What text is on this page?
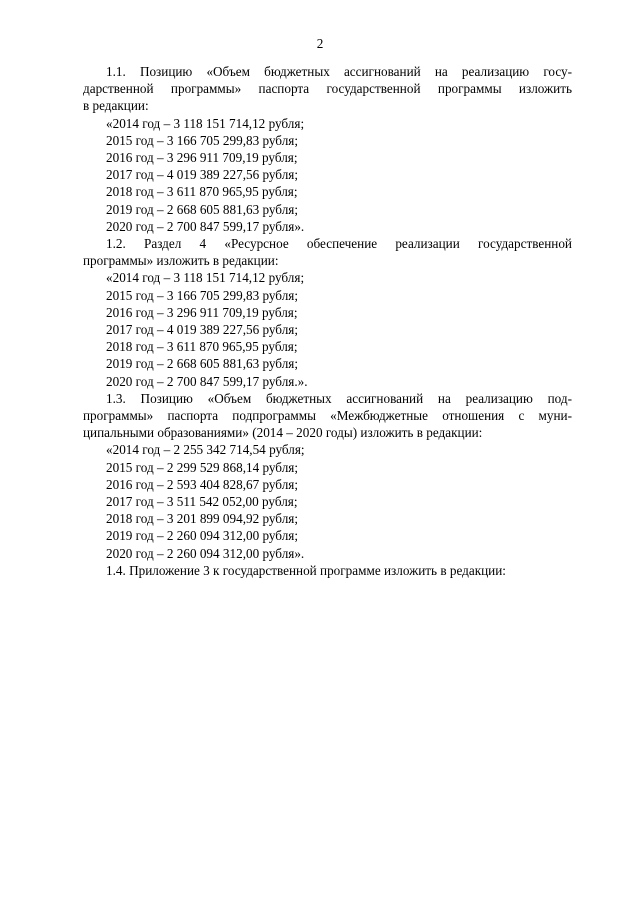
2
1.1. Позицию «Объем бюджетных ассигнований на реализацию госу-
дарственной программы» паспорта государственной программы изложить
в редакции:
«2014 год – 3 118 151 714,12 рубля;
2015 год – 3 166 705 299,83 рубля;
2016 год – 3 296 911 709,19 рубля;
2017 год – 4 019 389 227,56 рубля;
2018 год – 3 611 870 965,95 рубля;
2019 год – 2 668 605 881,63 рубля;
2020 год – 2 700 847 599,17 рубля».
1.2. Раздел 4 «Ресурсное обеспечение реализации государственной
программы» изложить в редакции:
«2014 год – 3 118 151 714,12 рубля;
2015 год – 3 166 705 299,83 рубля;
2016 год – 3 296 911 709,19 рубля;
2017 год – 4 019 389 227,56 рубля;
2018 год – 3 611 870 965,95 рубля;
2019 год – 2 668 605 881,63 рубля;
2020 год – 2 700 847 599,17 рубля.».
1.3. Позицию «Объем бюджетных ассигнований на реализацию под-
программы» паспорта подпрограммы «Межбюджетные отношения с муни-
ципальными образованиями» (2014 – 2020 годы) изложить в редакции:
«2014 год – 2 255 342 714,54 рубля;
2015 год – 2 299 529 868,14 рубля;
2016 год – 2 593 404 828,67 рубля;
2017 год – 3 511 542 052,00 рубля;
2018 год – 3 201 899 094,92 рубля;
2019 год – 2 260 094 312,00 рубля;
2020 год – 2 260 094 312,00 рубля».
1.4. Приложение 3 к государственной программе изложить в редакции:
